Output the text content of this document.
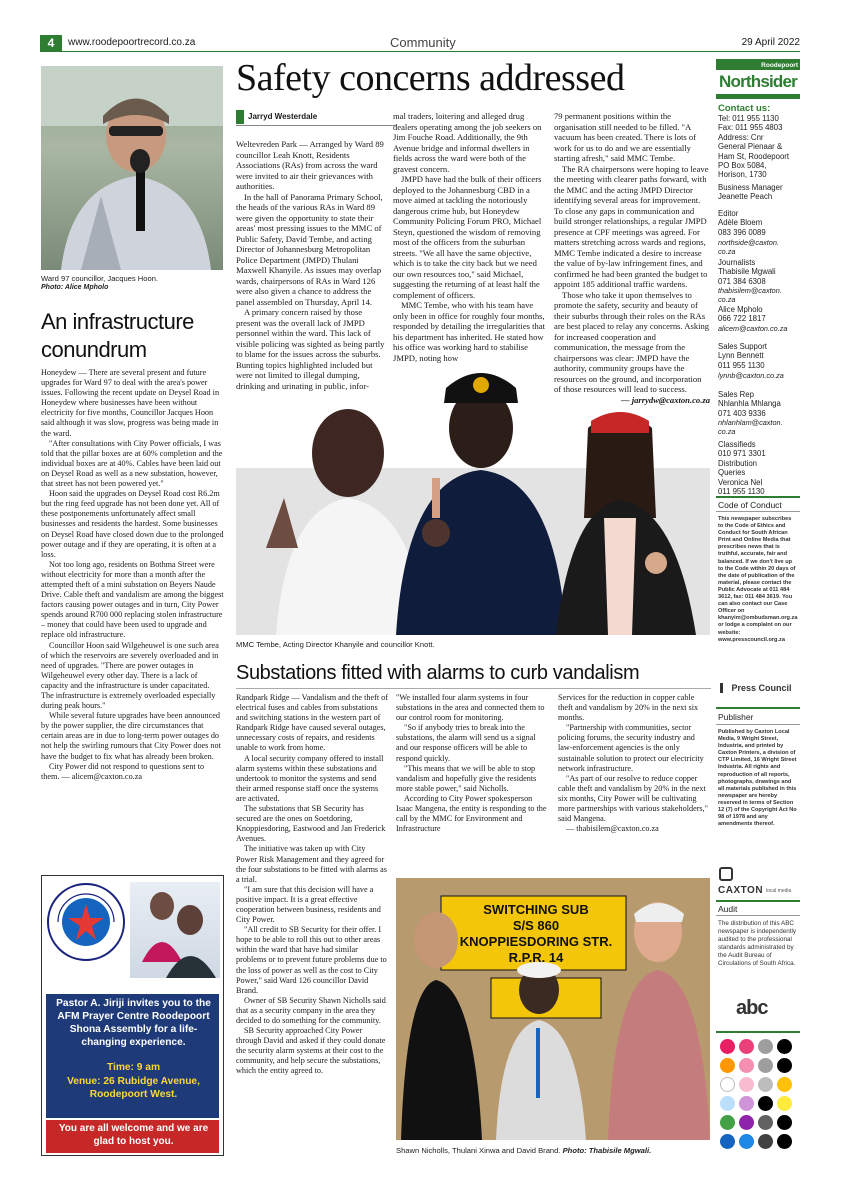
4	www.roodepoortrecord.co.za	Community	29 April 2022
Ward 97 councillor, Jacques Hoon.
Photo: Alice Mpholo
An infrastructure conundrum

Honeydew — There are several present and future upgrades for Ward 97 to deal with the area's power issues. Following the recent update on Deysel Road in Honeydew where businesses have been without electricity for five months, Councillor Jacques Hoon said although it was slow, progress was being made in the ward.

"After consultations with City Power officials, I was told that the pillar boxes are at 60% completion and the individual boxes are at 40%. Cables have been laid out on Deysel Road as well as a new substation, however, that street has not been powered yet."

Hoon said the upgrades on Deysel Road cost R6.2m but the ring feed upgrade has not been done yet. All of these postponements unfortunately affect small businesses and residents the hardest. Some businesses on Deysel Road have closed down due to the prolonged power outage and if they are operating, it is often at a loss.

Not too long ago, residents on Bothma Street were without electricity for more than a month after the attempted theft of a mini substation on Beyers Naude Drive. Cable theft and vandalism are among the biggest factors causing power outages and in turn, City Power spends around R700 000 replacing stolen infrastructure – money that could have been used to upgrade and replace old infrastructure.

Councillor Hoon said Wilgeheuwel is one such area of which the reservoirs are severely overloaded and in need of upgrades. "There are power outages in Wilgeheuwel every other day. There is a lack of capacity and the infrastructure is under capacitated. The infrastructure is extremely overloaded especially during peak hours."

While several future upgrades have been announced by the power supplier, the dire circumstances that certain areas are in due to long-term power outages do not help the swirling rumours that City Power does not have the budget to fix what has already been broken.

City Power did not respond to questions sent to them. — alicem@caxton.co.za

Pastor A. Jiriji invites you to the AFM Prayer Centre Roodepoort Shona Assembly for a life-changing experience.
Time: 9 am
Venue: 26 Rubidge Avenue, Roodepoort West.
You are all welcome and we are glad to host you.
Safety concerns addressed
Jarryd Westerdale

Weltevreden Park — Arranged by Ward 89 councillor Leah Knott, Residents Associations (RAs) from across the ward were invited to air their grievances with authorities.

In the hall of Panorama Primary School, the heads of the various RAs in Ward 89 were given the opportunity to state their areas' most pressing issues to the MMC of Public Safety, David Tembe, and acting Director of Johannesburg Metropolitan Police Department (JMPD) Thulani Maxwell Khanyile. As issues may overlap wards, chairpersons of RAs in Ward 126 were also given a chance to address the panel assembled on Thursday, April 14.

A primary concern raised by those present was the overall lack of JMPD personnel within the ward. This lack of visible policing was sighted as being partly to blame for the issues across the suburbs. Bunting topics highlighted included but were not limited to illegal dumping, drinking and urinating in public, infor-

mal traders, loitering and alleged drug dealers operating among the job seekers on Jim Fouche Road. Additionally, the 9th Avenue bridge and informal dwellers in fields across the ward were both of the gravest concern.

JMPD have had the bulk of their officers deployed to the Johannesburg CBD in a move aimed at tackling the notoriously dangerous crime hub, but Honeydew Community Policing Forum PRO, Michael Steyn, questioned the wisdom of removing most of the officers from the suburban streets. "We all have the same objective, which is to take the city back but we need our own resources too," said Michael, suggesting the returning of at least half the complement of officers.

MMC Tembe, who with his team have only been in office for roughly four months, responded by detailing the irregularities that his department has inherited. He stated how his office was working hard to stabilise JMPD, noting how

79 permanent positions within the organisation still needed to be filled. "A vacuum has been created. There is lots of work for us to do and we are essentially starting afresh," said MMC Tembe.

The RA chairpersons were hoping to leave the meeting with clearer paths forward, with the MMC and the acting JMPD Director identifying several areas for improvement. To close any gaps in communication and build stronger relationships, a regular JMPD presence at CPF meetings was agreed. For matters stretching across wards and regions, MMC Tembe indicated a desire to increase the value of by-law infringement fines, and confirmed he had been granted the budget to appoint 185 additional traffic wardens.

Those who take it upon themselves to promote the safety, security and beauty of their suburbs through their roles on the RAs are best placed to relay any concerns. Asking for increased cooperation and communication, the message from the chairpersons was clear: JMPD have the authority, community groups have the resources on the ground, and incorporation of those resources will lead to success.

— jarrydw@caxton.co.za

MMC Tembe, Acting Director Khanyile and councillor Knott.
Substations fitted with alarms to curb vandalism

Randpark Ridge — Vandalism and the theft of electrical fuses and cables from substations and switching stations in the western part of Randpark Ridge have caused several outages, unnecessary costs of repairs, and residents unable to work from home.

A local security company offered to install alarm systems within these substations and undertook to monitor the systems and send their armed response staff once the systems are activated.

The substations that SB Security has secured are the ones on Soetdoring, Knoppiesdoring, Eastwood and Jan Frederick Avenues.

The initiative was taken up with City Power Risk Management and they agreed for the four substations to be fitted with alarms as a trial.

"I am sure that this decision will have a positive impact. It is a great effective cooperation between business, residents and City Power.

"All credit to SB Security for their offer. I hope to be able to roll this out to other areas within the ward that have had similar problems or to prevent future problems due to the loss of power as well as the cost to City Power," said Ward 126 councillor David Brand.

Owner of SB Security Shawn Nicholls said that as a security company in the area they decided to do something for the community.

SB Security approached City Power through David and asked if they could donate the security alarm systems at their cost to the community, and help secure the substations, which the entity agreed to.

"We installed four alarm systems in four substations in the area and connected them to our control room for monitoring.

"So if anybody tries to break into the substations, the alarm will send us a signal and our response officers will be able to respond quickly.

"This means that we will be able to stop vandalism and hopefully give the residents more stable power," said Nicholls.

According to City Power spokesperson Isaac Mangena, the entity is responding to the call by the MMC for Environment and Infrastructure

Services for the reduction in copper cable theft and vandalism by 20% in the next six months.

"Partnership with communities, sector policing forums, the security industry and law-enforcement agencies is the only sustainable solution to protect our electricity network infrastructure.

"As part of our resolve to reduce copper cable theft and vandalism by 20% in the next six months, City Power will be cultivating more partnerships with various stakeholders," said Mangena.

— thabisilem@caxton.co.za

SWITCHING SUB
S/S 860
KNOPPIESDORING STR.
R.P.R. 14
Shawn Nicholls, Thulani Xinwa and David Brand. Photo: Thabisile Mgwali.
Roodepoort
Northsider
Contact us:
Tel: 011 955 1130
Fax: 011 955 4803
Address: Cnr
General Pienaar &
Ham St, Roodepoort
PO Box 5084,
Horison, 1730
Business Manager
Jeanette Peach
Editor
Adèle Bloem
083 396 0089
northside@caxton.
co.za
Journalists
Thabisile Mgwali
071 384 6308
thabisilem@caxton.
co.za
Alice Mpholo
066 722 1817
alicem@caxton.co.za
Sales Support
Lynn Bennett
011 955 1130
lynnb@caxton.co.za
Sales Rep
Nhlanhla Mhlanga
071 403 9336
nhlanhlam@caxton.
co.za
Classifieds
010 971 3301
Distribution
Queries
Veronica Nel
011 955 1130
Code of Conduct
This newspaper subscribes to the Code of Ethics and Conduct for South African Print and Online Media that prescribes news that is truthful, accurate, fair and balanced. If we don't live up to the Code within 20 days of the date of publication of the material, please contact the Public Advocate at 011 484 3612, fax: 011 484 3619. You can also contact our Case Officer on khanyim@ombudsman.org.za or lodge a complaint on our website: www.presscouncil.org.za
Press Council
Publisher
Published by Caxton Local Media, 9 Wright Street, Industria, and printed by Caxton Printers, a division of CTP Limited, 16 Wright Street Industria. All rights and reproduction of all reports, photographs, drawings and all materials published in this newspaper are hereby reserved in terms of Section 12 (7) of the Copyright Act No 98 of 1978 and any amendments thereof.
CAXTON local media
Audit
The distribution of this ABC newspaper is independently audited to the professional standards administrated by the Audit Bureau of Circulations of South Africa.
abc
